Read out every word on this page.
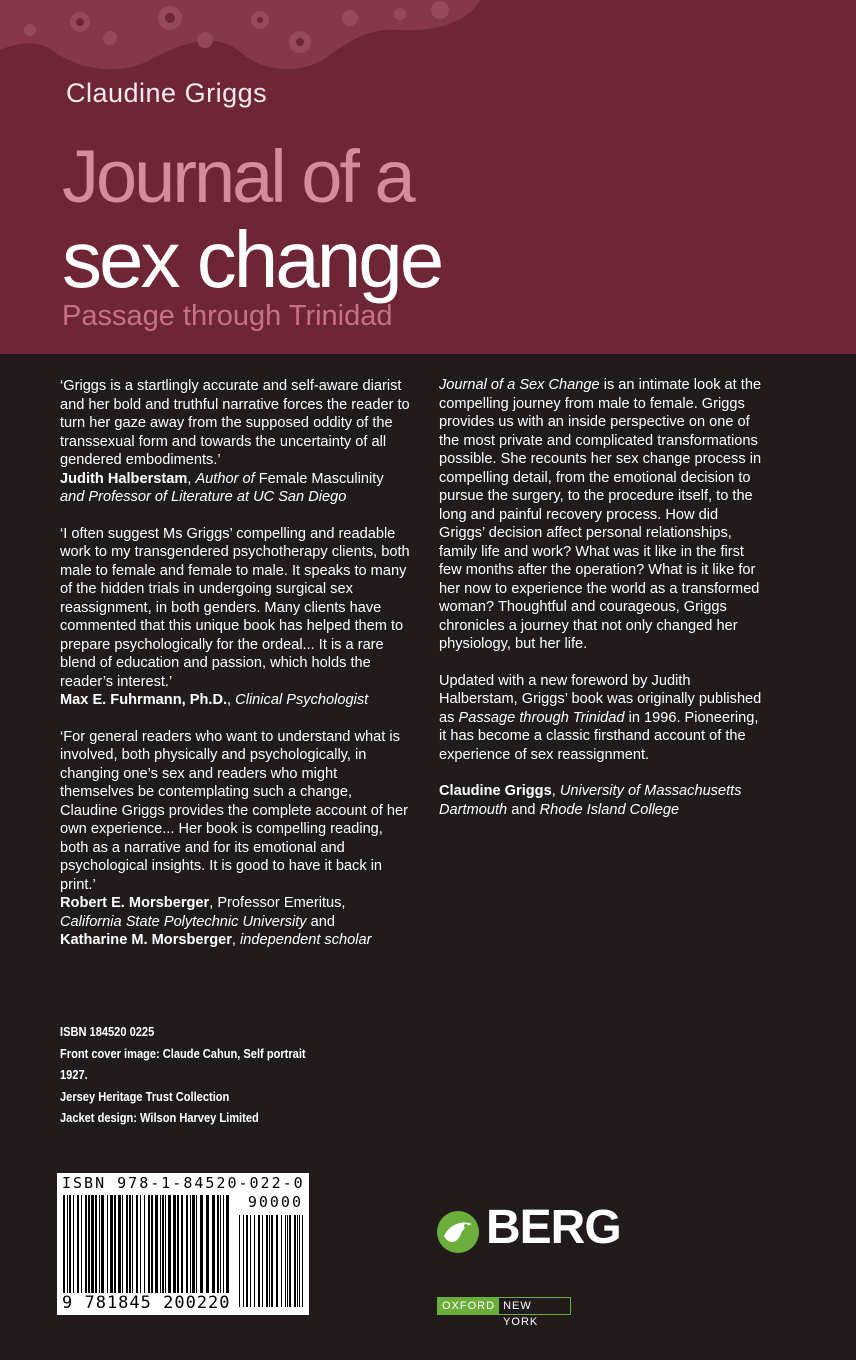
Claudine Griggs

Journal of a
sex change
Passage through Trinidad

‘Griggs is a startlingly accurate and self-aware diarist and her bold and truthful narrative forces the reader to turn her gaze away from the supposed oddity of the transsexual form and towards the uncertainty of all gendered embodiments.’
Judith Halberstam, Author of Female Masculinity and Professor of Literature at UC San Diego

‘I often suggest Ms Griggs’ compelling and readable work to my transgendered psychotherapy clients, both male to female and female to male. It speaks to many of the hidden trials in undergoing surgical sex reassignment, in both genders. Many clients have commented that this unique book has helped them to prepare psychologically for the ordeal... It is a rare blend of education and passion, which holds the reader’s interest.’
Max E. Fuhrmann, Ph.D., Clinical Psychologist

‘For general readers who want to understand what is involved, both physically and psychologically, in changing one’s sex and readers who might themselves be contemplating such a change, Claudine Griggs provides the complete account of her own experience... Her book is compelling reading, both as a narrative and for its emotional and psychological insights. It is good to have it back in print.’
Robert E. Morsberger, Professor Emeritus,
California State Polytechnic University and
Katharine M. Morsberger, independent scholar

Journal of a Sex Change is an intimate look at the compelling journey from male to female. Griggs provides us with an inside perspective on one of the most private and complicated transformations possible. She recounts her sex change process in compelling detail, from the emotional decision to pursue the surgery, to the procedure itself, to the long and painful recovery process. How did Griggs’ decision affect personal relationships, family life and work? What was it like in the first few months after the operation? What is it like for her now to experience the world as a transformed woman? Thoughtful and courageous, Griggs chronicles a journey that not only changed her physiology, but her life.

Updated with a new foreword by Judith Halberstam, Griggs’ book was originally published as Passage through Trinidad in 1996. Pioneering, it has become a classic firsthand account of the experience of sex reassignment.

Claudine Griggs, University of Massachusetts Dartmouth and Rhode Island College

ISBN 184520 0225
Front cover image: Claude Cahun, Self portrait 1927.
Jersey Heritage Trust Collection
Jacket design: Wilson Harvey Limited
ISBN 978-1-84520-022-0
90000
9 781845 200220
BERG
OXFORD NEW YORK
